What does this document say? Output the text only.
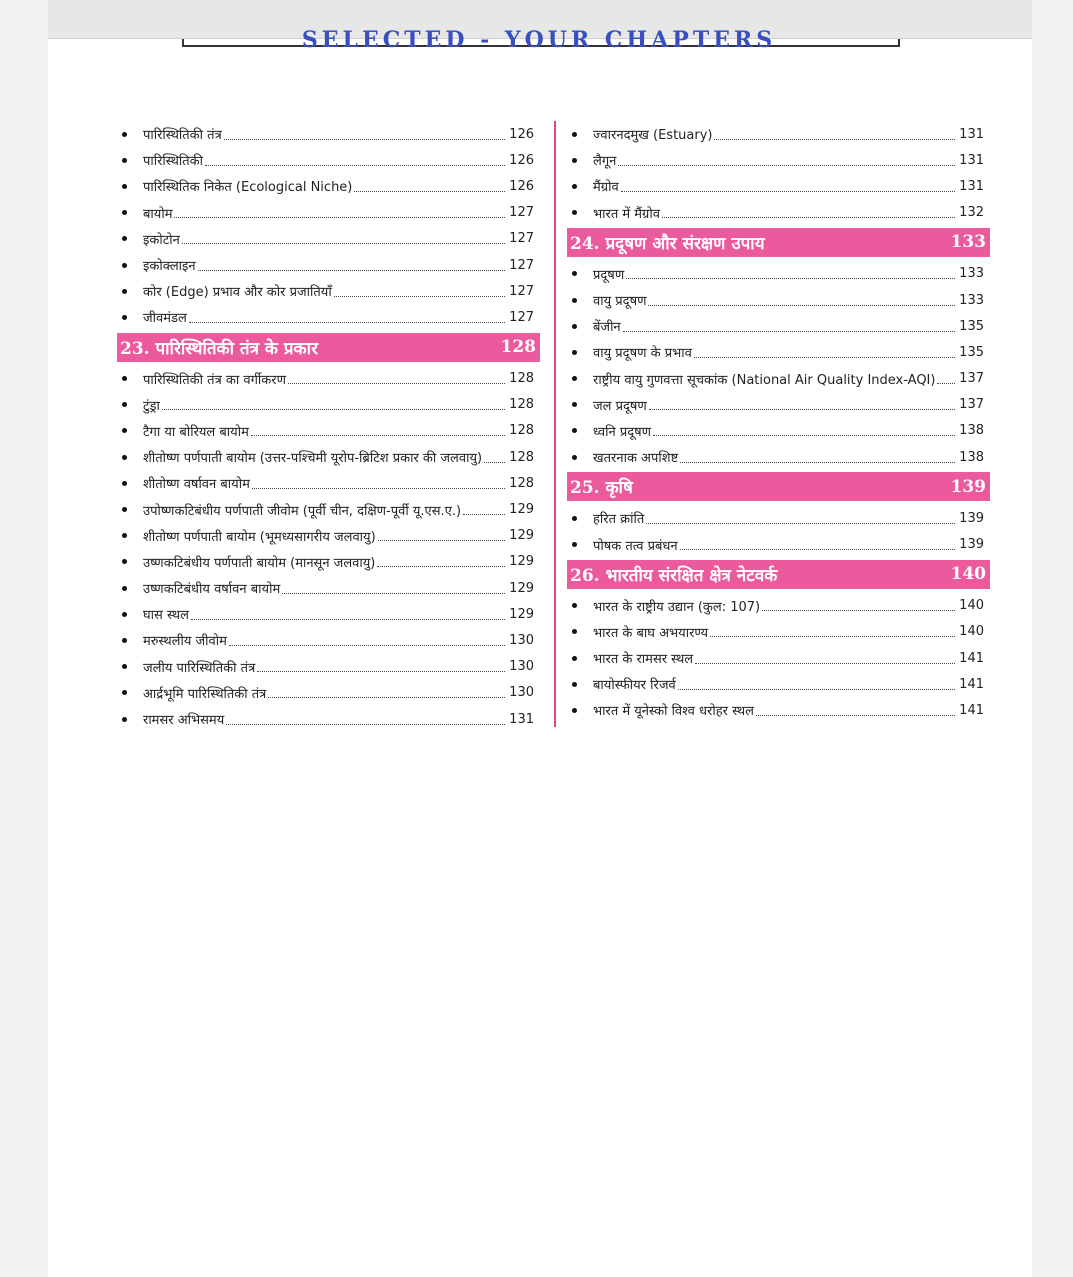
SELECTED - YOUR CHAPTERS
पारिस्थितिकी तंत्र	126
पारिस्थितिकी	126
पारिस्थितिक निकेत (Ecological Niche)	126
बायोम	127
इकोटोन	127
इकोक्लाइन	127
कोर (Edge) प्रभाव और कोर प्रजातियाँ	127
जीवमंडल	127
23. पारिस्थितिकी तंत्र के प्रकार	128
पारिस्थितिकी तंत्र का वर्गीकरण	128
टुंड्रा	128
टैगा या बोरियल बायोम	128
शीतोष्ण पर्णपाती बायोम (उत्तर-पश्चिमी यूरोप-ब्रिटिश प्रकार की जलवायु) 128
शीतोष्ण वर्षावन बायोम	128
उपोष्णकटिबंधीय पर्णपाती जीवोम (पूर्वी चीन, दक्षिण-पूर्वी यू.एस.ए.)	129
शीतोष्ण पर्णपाती बायोम (भूमध्यसागरीय जलवायु)	129
उष्णकटिबंधीय पर्णपाती बायोम (मानसून जलवायु)	129
उष्णकटिबंधीय वर्षावन बायोम	129
घास स्थल	129
मरुस्थलीय जीवोम	130
जलीय पारिस्थितिकी तंत्र	130
आर्द्रभूमि पारिस्थितिकी तंत्र	130
रामसर अभिसमय	131
ज्वारनदमुख (Estuary)	131
लैगून	131
मैंग्रोव	131
भारत में मैंग्रोव	132
24. प्रदूषण और संरक्षण उपाय	133
प्रदूषण	133
वायु प्रदूषण	133
बेंजीन	135
वायु प्रदूषण के प्रभाव	135
राष्ट्रीय वायु गुणवत्ता सूचकांक (National Air Quality Index-AQI) 137
जल प्रदूषण	137
ध्वनि प्रदूषण	138
खतरनाक अपशिष्ट	138
25. कृषि	139
हरित क्रांति	139
पोषक तत्व प्रबंधन	139
26. भारतीय संरक्षित क्षेत्र नेटवर्क	140
भारत के राष्ट्रीय उद्यान (कुल: 107)	140
भारत के बाघ अभयारण्य	140
भारत के रामसर स्थल	141
बायोस्फीयर रिजर्व	141
भारत में यूनेस्को विश्व धरोहर स्थल	141
